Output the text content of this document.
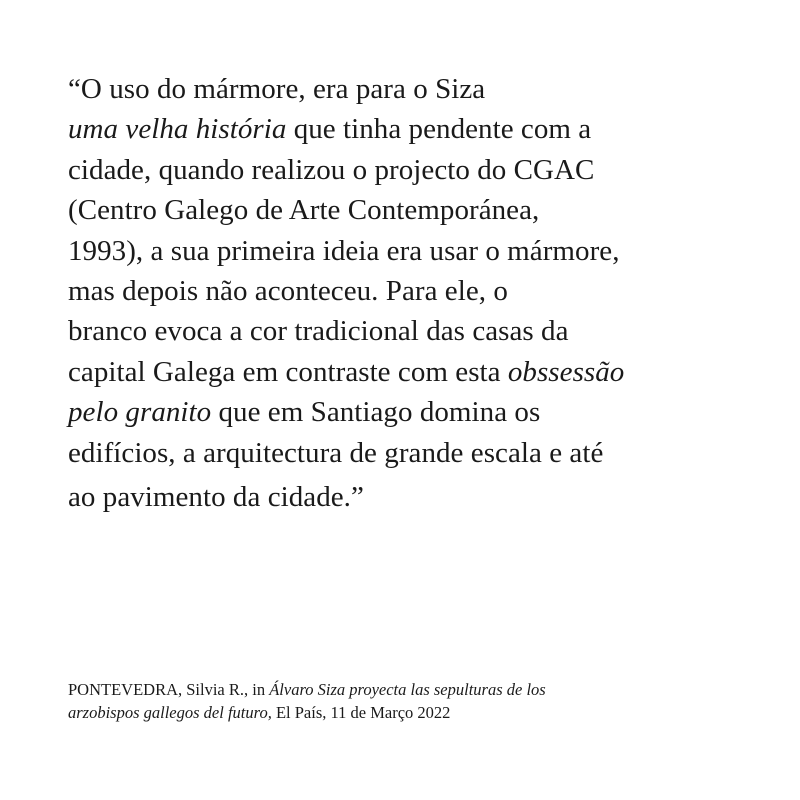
“O uso do mármore, era para o Siza
uma velha história que tinha pendente com a
cidade, quando realizou o projecto do CGAC
(Centro Galego de Arte Contemporánea,
1993), a sua primeira ideia era usar o mármore,
mas depois não aconteceu. Para ele, o
branco evoca a cor tradicional das casas da
capital Galega em contraste com esta obssessão
pelo granito que em Santiago domina os
edifícios, a arquitectura de grande escala e até
ao pavimento da cidade.”
PONTEVEDRA, Silvia R., in Álvaro Siza proyecta las sepulturas de los
arzobispos gallegos del futuro, El País, 11 de Março 2022
